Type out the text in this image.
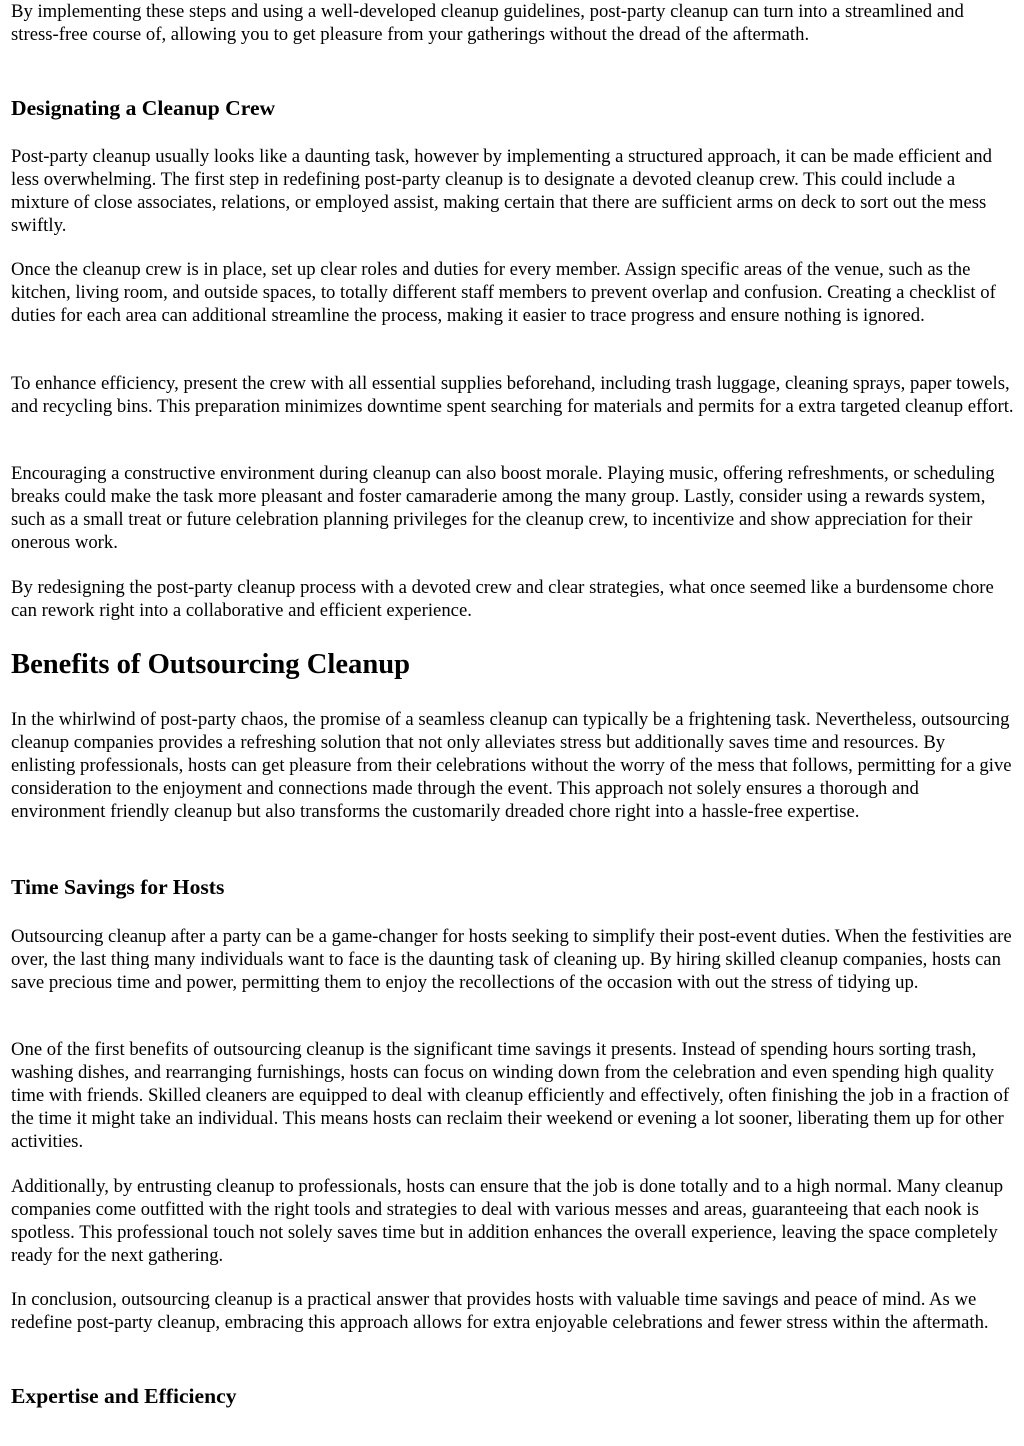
By implementing these steps and using a well-developed cleanup guidelines, post-party cleanup can turn into a streamlined and stress-free course of, allowing you to get pleasure from your gatherings without the dread of the aftermath.

Designating a Cleanup Crew

Post-party cleanup usually looks like a daunting task, however by implementing a structured approach, it can be made efficient and less overwhelming. The first step in redefining post-party cleanup is to designate a devoted cleanup crew. This could include a mixture of close associates, relations, or employed assist, making certain that there are sufficient arms on deck to sort out the mess swiftly.

Once the cleanup crew is in place, set up clear roles and duties for every member. Assign specific areas of the venue, such as the kitchen, living room, and outside spaces, to totally different staff members to prevent overlap and confusion. Creating a checklist of duties for each area can additional streamline the process, making it easier to trace progress and ensure nothing is ignored.

To enhance efficiency, present the crew with all essential supplies beforehand, including trash luggage, cleaning sprays, paper towels, and recycling bins. This preparation minimizes downtime spent searching for materials and permits for a extra targeted cleanup effort.

Encouraging a constructive environment during cleanup can also boost morale. Playing music, offering refreshments, or scheduling breaks could make the task more pleasant and foster camaraderie among the many group. Lastly, consider using a rewards system, such as a small treat or future celebration planning privileges for the cleanup crew, to incentivize and show appreciation for their onerous work.

By redesigning the post-party cleanup process with a devoted crew and clear strategies, what once seemed like a burdensome chore can rework right into a collaborative and efficient experience.

Benefits of Outsourcing Cleanup

In the whirlwind of post-party chaos, the promise of a seamless cleanup can typically be a frightening task. Nevertheless, outsourcing cleanup companies provides a refreshing solution that not only alleviates stress but additionally saves time and resources. By enlisting professionals, hosts can get pleasure from their celebrations without the worry of the mess that follows, permitting for a give consideration to the enjoyment and connections made through the event. This approach not solely ensures a thorough and environment friendly cleanup but also transforms the customarily dreaded chore right into a hassle-free expertise.

Time Savings for Hosts

Outsourcing cleanup after a party can be a game-changer for hosts seeking to simplify their post-event duties. When the festivities are over, the last thing many individuals want to face is the daunting task of cleaning up. By hiring skilled cleanup companies, hosts can save precious time and power, permitting them to enjoy the recollections of the occasion with out the stress of tidying up.

One of the first benefits of outsourcing cleanup is the significant time savings it presents. Instead of spending hours sorting trash, washing dishes, and rearranging furnishings, hosts can focus on winding down from the celebration and even spending high quality time with friends. Skilled cleaners are equipped to deal with cleanup efficiently and effectively, often finishing the job in a fraction of the time it might take an individual. This means hosts can reclaim their weekend or evening a lot sooner, liberating them up for other activities.

Additionally, by entrusting cleanup to professionals, hosts can ensure that the job is done totally and to a high normal. Many cleanup companies come outfitted with the right tools and strategies to deal with various messes and areas, guaranteeing that each nook is spotless. This professional touch not solely saves time but in addition enhances the overall experience, leaving the space completely ready for the next gathering.

In conclusion, outsourcing cleanup is a practical answer that provides hosts with valuable time savings and peace of mind. As we redefine post-party cleanup, embracing this approach allows for extra enjoyable celebrations and fewer stress within the aftermath.

Expertise and Efficiency
